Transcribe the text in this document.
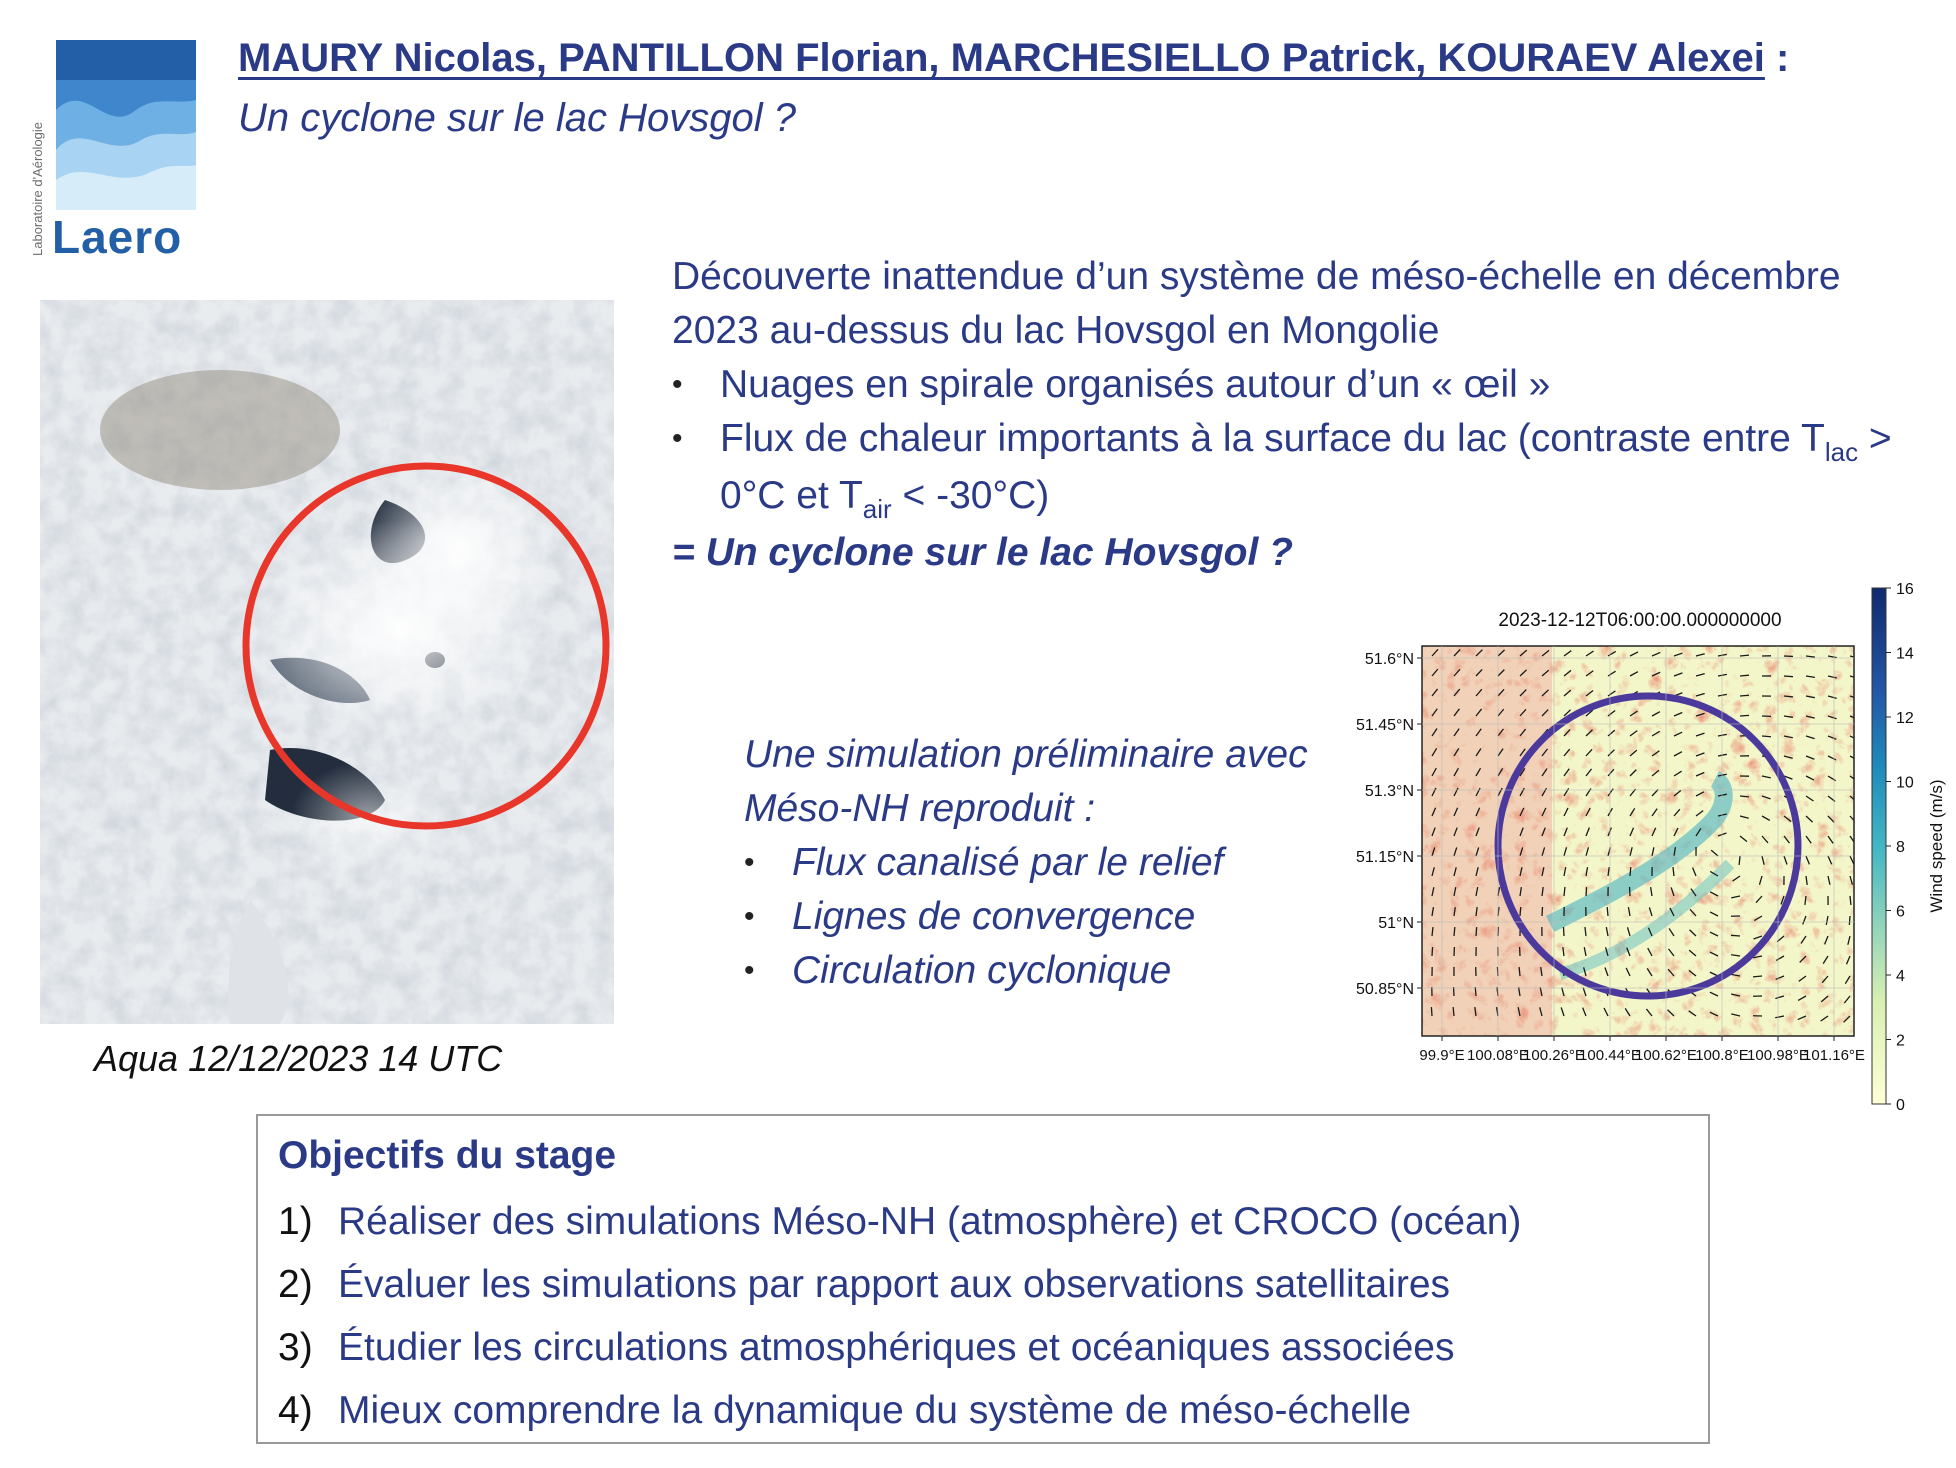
Laboratoire d'Aérologie Laero
MAURY Nicolas, PANTILLON Florian, MARCHESIELLO Patrick, KOURAEV Alexei :
Un cyclone sur le lac Hovsgol ?
Aqua 12/12/2023 14 UTC

Découverte inattendue d’un système de méso-échelle en décembre 2023 au-dessus du lac Hovsgol en Mongolie

• Nuages en spirale organisés autour d’un « œil »
• Flux de chaleur importants à la surface du lac (contraste entre $T_{lac} > 0^\circ C$ et $T_{air} < -30^\circ C$)

= Un cyclone sur le lac Hovsgol ?

Une simulation préliminaire avec Méso-NH reproduit :

• Flux canalisé par le relief
• Lignes de convergence
• Circulation cyclonique
2023-12-12T06:00:00.000000000
51.6°N
51.45°N
51.3°N
51.15°N
51°N
50.85°N
99.9°E 100.08°E
100.26°E
100.44°E
100.62°E
100.8°E
100.98°E
101.16°E
0
2
4
6
8
10
12
14
16
Wind speed (m/s)
Objectifs du stage
1) Réaliser des simulations Méso-NH (atmosphère) et CROCO (océan)
2) Évaluer les simulations par rapport aux observations satellitaires
3) Étudier les circulations atmosphériques et océaniques associées
4) Mieux comprendre la dynamique du système de méso-échelle
